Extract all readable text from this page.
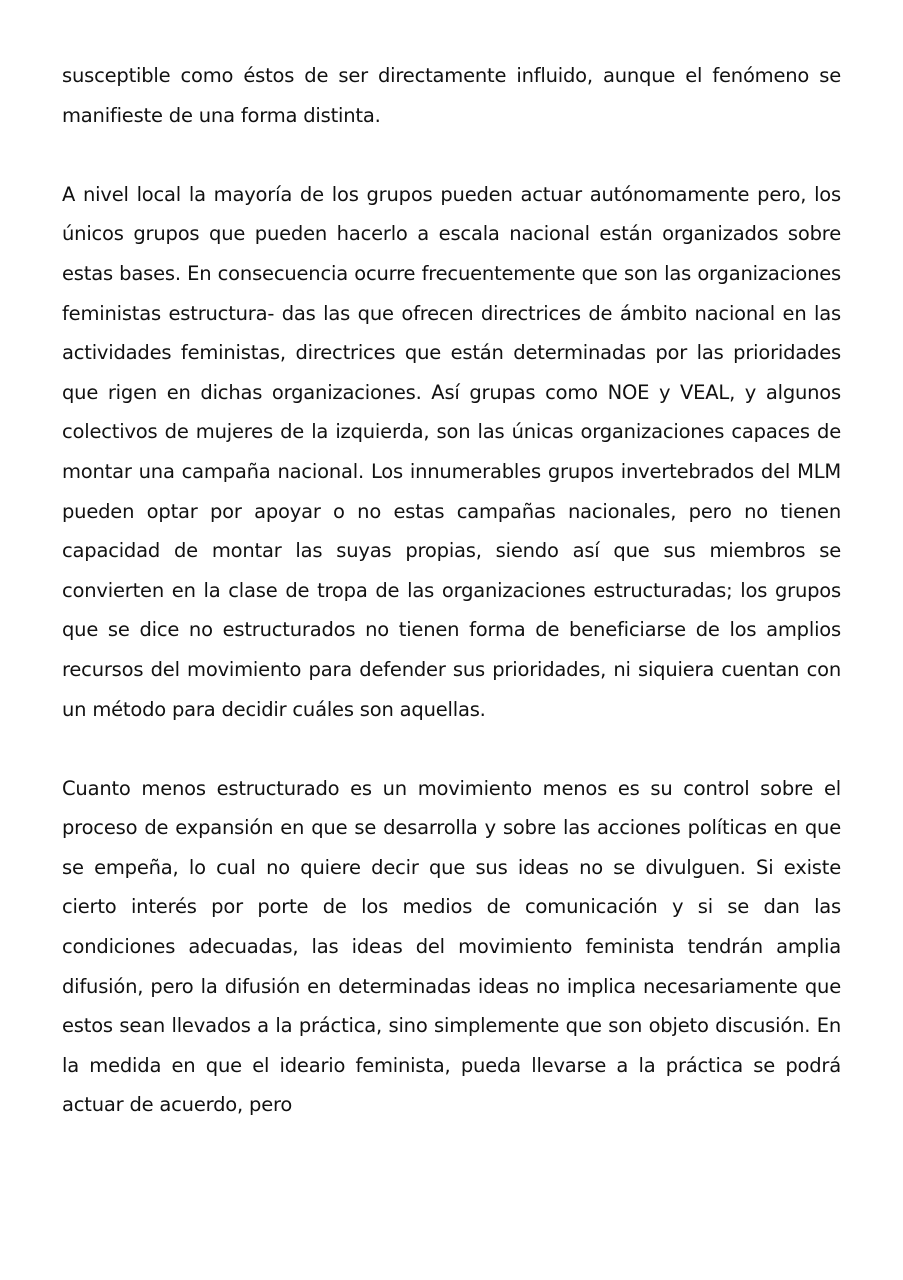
susceptible como éstos de ser directamente influido, aunque el fenómeno se manifieste de una forma distinta.

A nivel local la mayoría de los grupos pueden actuar autónomamente pero, los únicos grupos que pueden hacerlo a escala nacional están organizados sobre estas bases. En consecuencia ocurre frecuentemente que son las organizaciones feministas estructura- das las que ofrecen directrices de ámbito nacional en las actividades feministas, directrices que están determinadas por las prioridades que rigen en dichas organizaciones. Así grupas como NOE y VEAL, y algunos colectivos de mujeres de la izquierda, son las únicas organizaciones capaces de montar una campaña nacional. Los innumerables grupos invertebrados del MLM pueden optar por apoyar o no estas campañas nacionales, pero no tienen capacidad de montar las suyas propias, siendo así que sus miembros se convierten en la clase de tropa de las organizaciones estructuradas; los grupos que se dice no estructurados no tienen forma de beneficiarse de los amplios recursos del movimiento para defender sus prioridades, ni siquiera cuentan con un método para decidir cuáles son aquellas.

Cuanto menos estructurado es un movimiento menos es su control sobre el proceso de expansión en que se desarrolla y sobre las acciones políticas en que se empeña, lo cual no quiere decir que sus ideas no se divulguen. Si existe cierto interés por porte de los medios de comunicación y si se dan las condiciones adecuadas, las ideas del movimiento feminista tendrán amplia difusión, pero la difusión en determinadas ideas no implica necesariamente que estos sean llevados a la práctica, sino simplemente que son objeto discusión. En la medida en que el ideario feminista, pueda llevarse a la práctica se podrá actuar de acuerdo, pero
